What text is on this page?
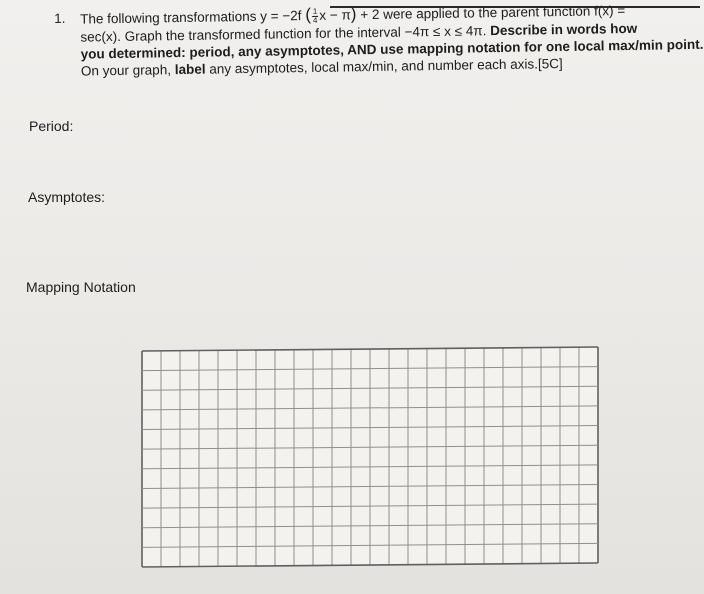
1. The following transformations y = −2f ( $\frac{1}{4}$ x − π) + 2 were applied to the parent function f(x) =
sec(x). Graph the transformed function for the interval −4π ≤ x ≤ 4π. Describe in words how
you determined: period, any asymptotes, AND use mapping notation for one local max/min point.
On your graph, label any asymptotes, local max/min, and number each axis.[5C]
Period:
Asymptotes:
Mapping Notation
